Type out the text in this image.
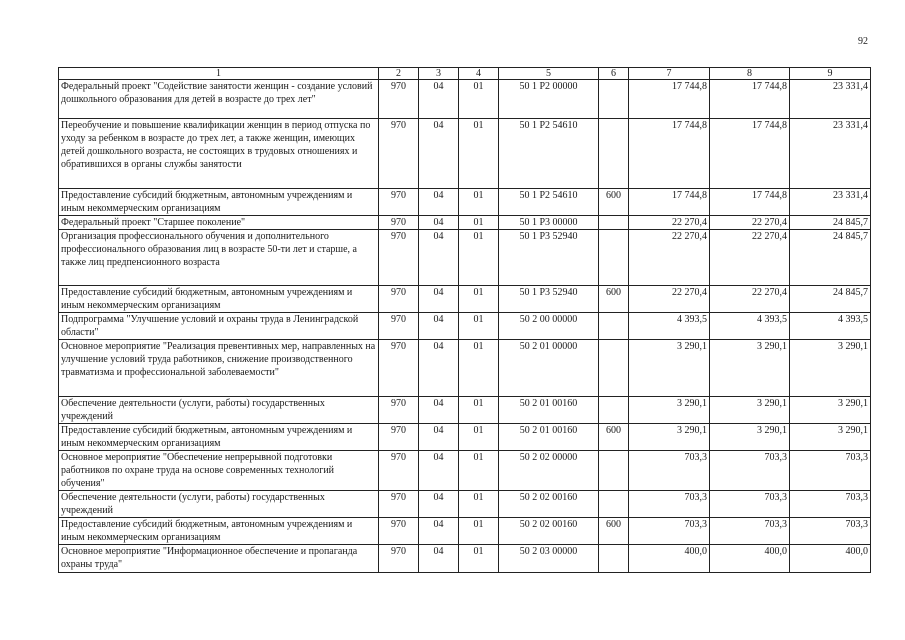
92
1	2	3	4	5	6	7	8	9
Федеральный проект "Содействие занятости женщин - создание условий дошкольного образования для детей в возрасте до трех лет"	970	04	01	50 1 P2 00000		17 744,8	17 744,8	23 331,4
Переобучение и повышение квалификации женщин в период отпуска по уходу за ребенком в возрасте до трех лет, а также женщин, имеющих детей дошкольного возраста, не состоящих в трудовых отношениях и обратившихся в органы службы занятости	970	04	01	50 1 P2 54610		17 744,8	17 744,8	23 331,4
Предоставление субсидий бюджетным, автономным учреждениям и иным некоммерческим организациям	970	04	01	50 1 P2 54610	600	17 744,8	17 744,8	23 331,4
Федеральный проект "Старшее поколение"	970	04	01	50 1 P3 00000		22 270,4	22 270,4	24 845,7
Организация профессионального обучения и дополнительного профессионального образования лиц в возрасте 50-ти лет и старше, а также лиц предпенсионного возраста	970	04	01	50 1 P3 52940		22 270,4	22 270,4	24 845,7
Предоставление субсидий бюджетным, автономным учреждениям и иным некоммерческим организациям	970	04	01	50 1 P3 52940	600	22 270,4	22 270,4	24 845,7
Подпрограмма "Улучшение условий и охраны труда в Ленинградской области"	970	04	01	50 2 00 00000		4 393,5	4 393,5	4 393,5
Основное мероприятие "Реализация превентивных мер, направленных на улучшение условий труда работников, снижение производственного травматизма и профессиональной заболеваемости"	970	04	01	50 2 01 00000		3 290,1	3 290,1	3 290,1
Обеспечение деятельности (услуги, работы) государственных учреждений	970	04	01	50 2 01 00160		3 290,1	3 290,1	3 290,1
Предоставление субсидий бюджетным, автономным учреждениям и иным некоммерческим организациям	970	04	01	50 2 01 00160	600	3 290,1	3 290,1	3 290,1
Основное мероприятие "Обеспечение непрерывной подготовки работников по охране труда на основе современных технологий обучения"	970	04	01	50 2 02 00000		703,3	703,3	703,3
Обеспечение деятельности (услуги, работы) государственных учреждений	970	04	01	50 2 02 00160		703,3	703,3	703,3
Предоставление субсидий бюджетным, автономным учреждениям и иным некоммерческим организациям	970	04	01	50 2 02 00160	600	703,3	703,3	703,3
Основное мероприятие "Информационное обеспечение и пропаганда охраны труда"	970	04	01	50 2 03 00000		400,0	400,0	400,0
